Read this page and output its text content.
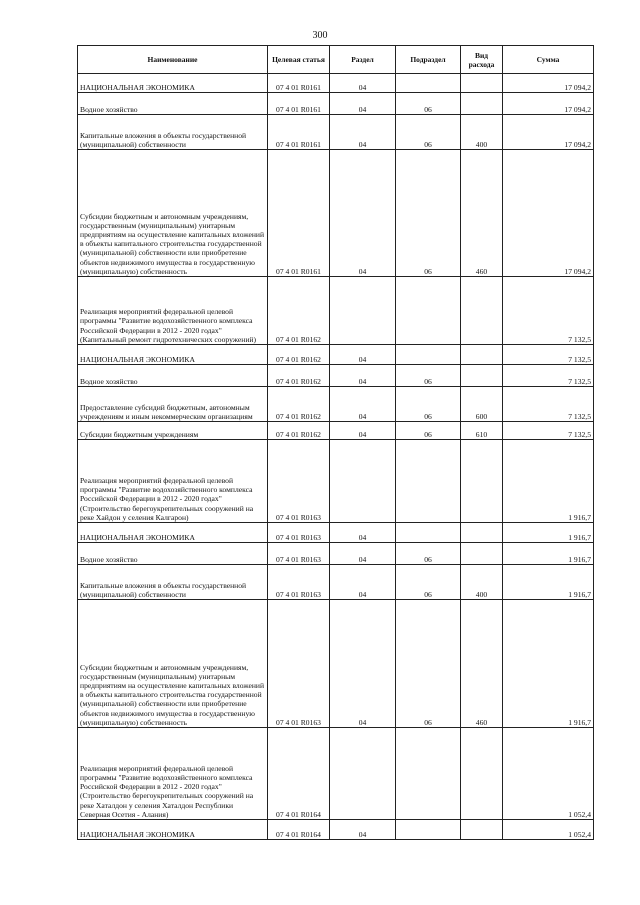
300
Наименование	Целевая статья	Раздел	Подраздел	Вид расхода	Сумма
НАЦИОНАЛЬНАЯ ЭКОНОМИКА	07 4 01 R0161	04			17 094,2
Водное хозяйство	07 4 01 R0161	04	06		17 094,2
Капитальные вложения в объекты государственной (муниципальной) собственности	07 4 01 R0161	04	06	400	17 094,2
Субсидии бюджетным и автономным учреждениям, государственным (муниципальным) унитарным предприятиям на осуществление капитальных вложений в объекты капитального строительства государственной (муниципальной) собственности или приобретение объектов недвижимого имущества в государственную (муниципальную) собственность	07 4 01 R0161	04	06	460	17 094,2
Реализация мероприятий федеральной целевой программы "Развитие водохозяйственного комплекса Российской Федерации в 2012 - 2020 годах" (Капитальный ремонт гидротехнических сооружений)	07 4 01 R0162				7 132,5
НАЦИОНАЛЬНАЯ ЭКОНОМИКА	07 4 01 R0162	04			7 132,5
Водное хозяйство	07 4 01 R0162	04	06		7 132,5
Предоставление субсидий бюджетным, автономным учреждениям и иным некоммерческим организациям	07 4 01 R0162	04	06	600	7 132,5
Субсидии бюджетным учреждениям	07 4 01 R0162	04	06	610	7 132,5
Реализация мероприятий федеральной целевой программы "Развитие водохозяйственного комплекса Российской Федерации в 2012 - 2020 годах" (Строительство берегоукрепительных сооружений на реке Хайдон у селения Калгарон)	07 4 01 R0163				1 916,7
НАЦИОНАЛЬНАЯ ЭКОНОМИКА	07 4 01 R0163	04			1 916,7
Водное хозяйство	07 4 01 R0163	04	06		1 916,7
Капитальные вложения в объекты государственной (муниципальной) собственности	07 4 01 R0163	04	06	400	1 916,7
Субсидии бюджетным и автономным учреждениям, государственным (муниципальным) унитарным предприятиям на осуществление капитальных вложений в объекты капитального строительства государственной (муниципальной) собственности или приобретение объектов недвижимого имущества в государственную (муниципальную) собственность	07 4 01 R0163	04	06	460	1 916,7
Реализация мероприятий федеральной целевой программы "Развитие водохозяйственного комплекса Российской Федерации в 2012 - 2020 годах" (Строительство берегоукрепительных сооружений на реке Хаталдон у селения Хаталдон Республики Северная Осетия - Алания)	07 4 01 R0164				1 052,4
НАЦИОНАЛЬНАЯ ЭКОНОМИКА	07 4 01 R0164	04			1 052,4
